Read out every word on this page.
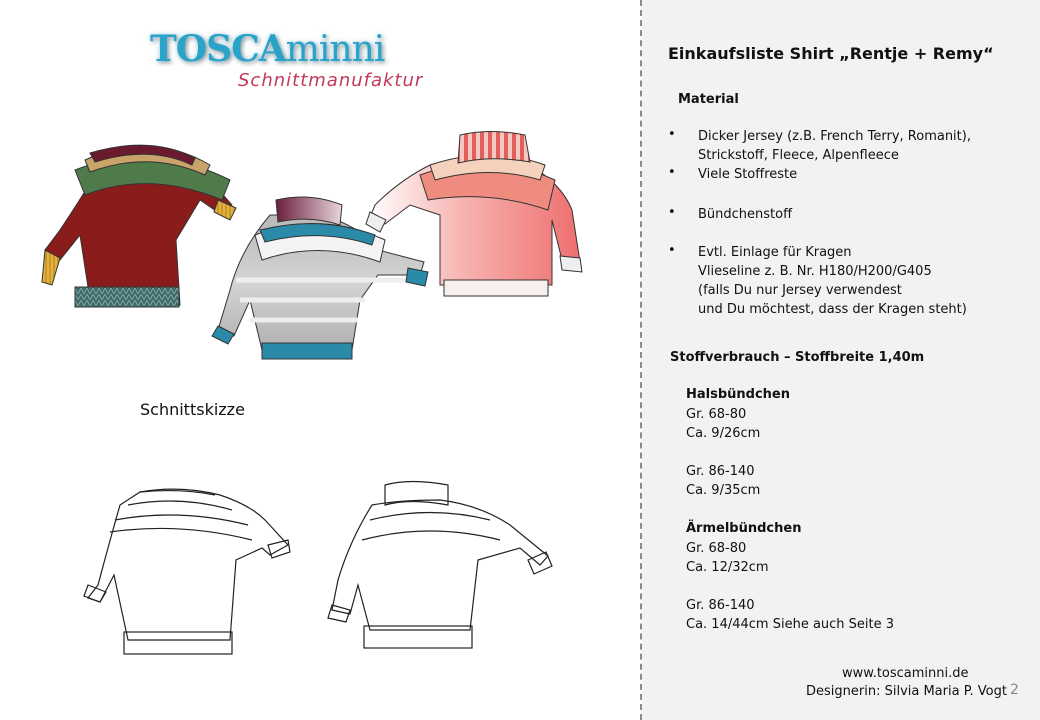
TOSCAminni
Schnittmanufaktur
Schnittskizze
Einkaufsliste Shirt „Rentje + Remy“
Material
• Dicker Jersey (z.B. French Terry, Romanit),
Strickstoff, Fleece, Alpenfleece
• Viele Stoffreste
• Bündchenstoff
• Evtl. Einlage für Kragen
Vlieseline z. B. Nr. H180/H200/G405
(falls Du nur Jersey verwendest
und Du möchtest, dass der Kragen steht)
Stoffverbrauch – Stoffbreite 1,40m
Halsbündchen
Gr. 68-80
Ca. 9/26cm
Gr. 86-140
Ca. 9/35cm
Ärmelbündchen
Gr. 68-80
Ca. 12/32cm
Gr. 86-140
Ca. 14/44cm Siehe auch Seite 3
www.toscaminni.de
Designerin: Silvia Maria P. Vogt 2
